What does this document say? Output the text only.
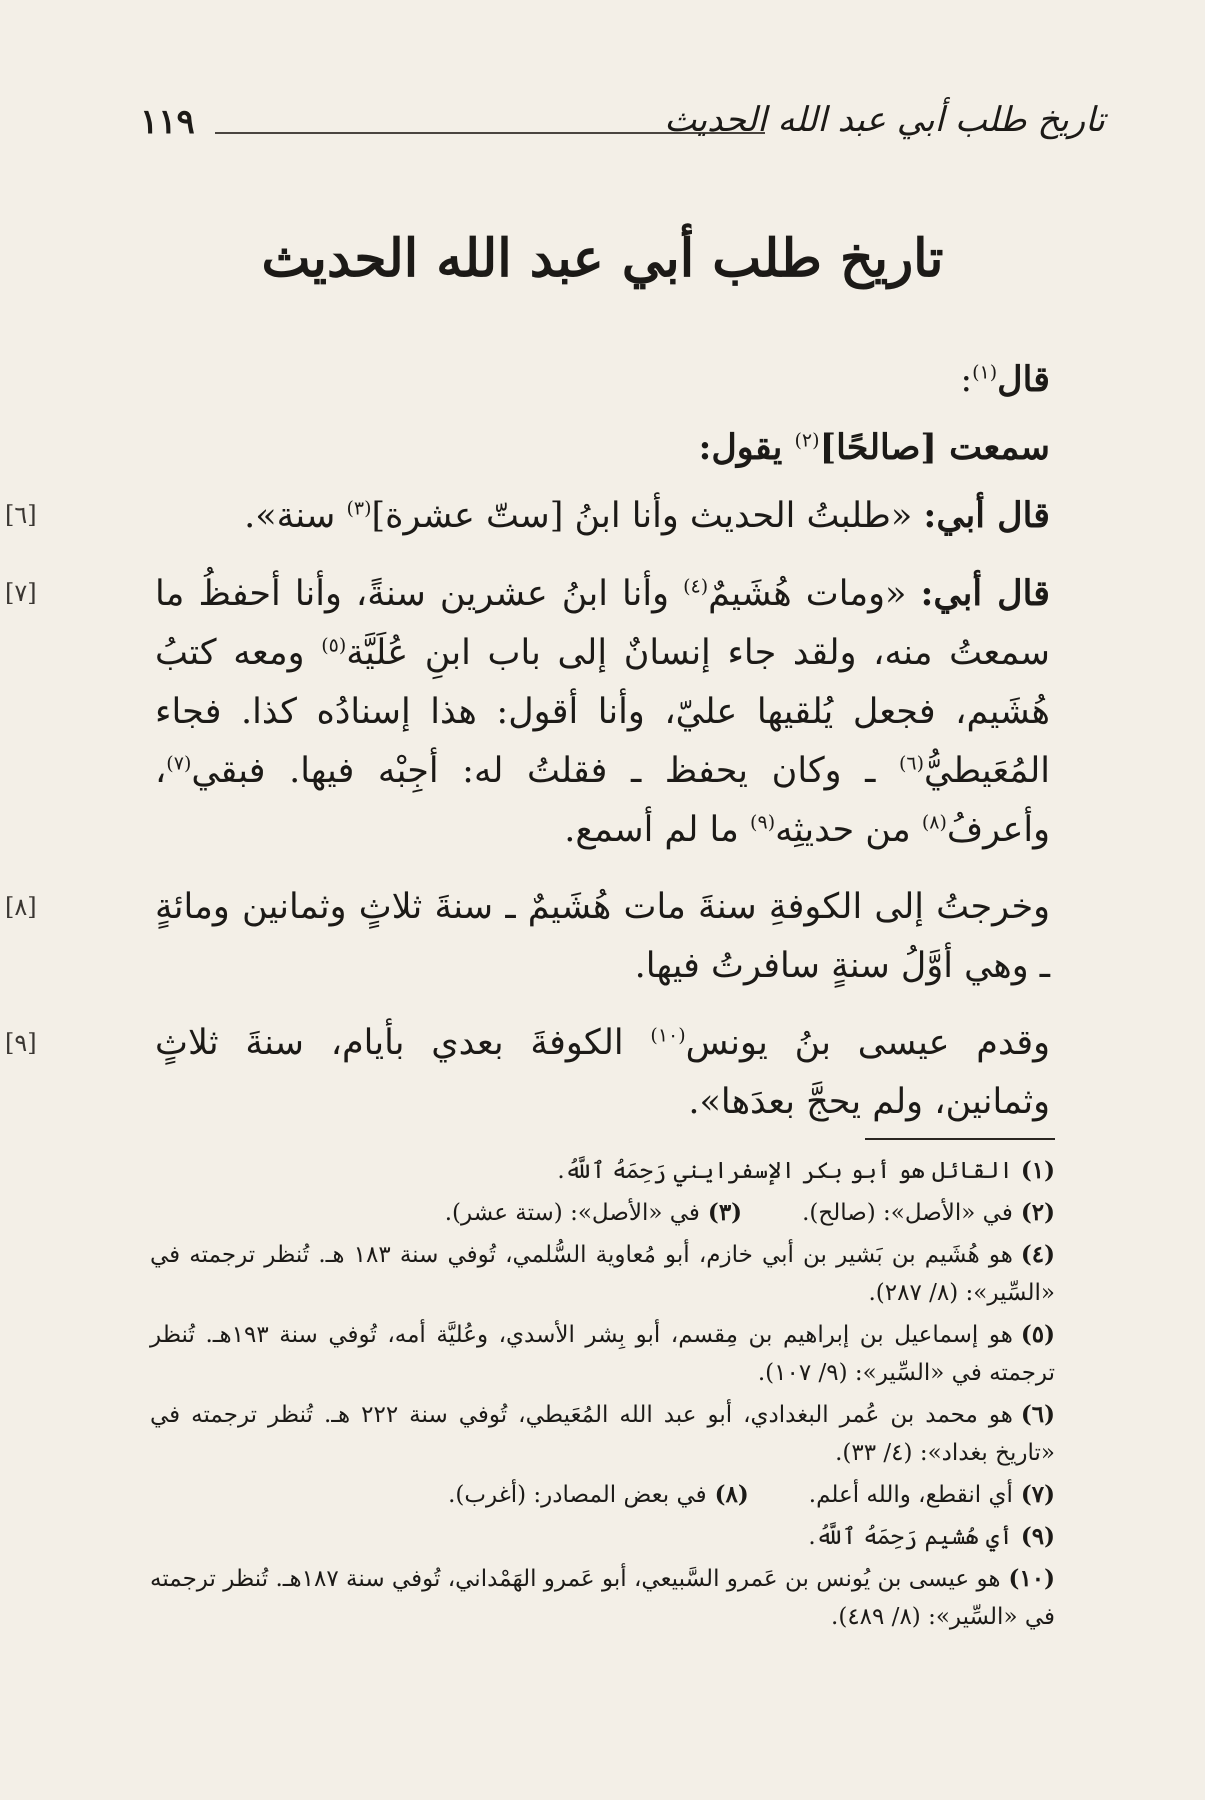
١١٩	تاريخ طلب أبي عبد الله الحديث
تاريخ طلب أبي عبد الله الحديث

قال$^{(١)}$:

سمعت [صالحًا]$^{(٢)}$ يقول:

[٦]	قال أبي: «طلبتُ الحديث وأنا ابنُ [ستّ عشرة]$^{(٣)}$ سنة».

[٧]	قال أبي: «ومات هُشَيمٌ$^{(٤)}$ وأنا ابنُ عشرين سنةً، وأنا أحفظُ ما سمعتُ منه، ولقد جاء إنسانٌ إلى باب ابنِ عُلَيَّة$^{(٥)}$ ومعه كتبُ هُشَيم، فجعل يُلقيها عليّ، وأنا أقول: هذا إسنادُه كذا. فجاء المُعَيطيُّ$^{(٦)}$ ـ وكان يحفظ ـ فقلتُ له: أجِبْه فيها. فبقي$^{(٧)}$، وأعرفُ$^{(٨)}$ من حديثِه$^{(٩)}$ ما لم أسمع.

[٨]	وخرجتُ إلى الكوفةِ سنةَ مات هُشَيمٌ ـ سنةَ ثلاثٍ وثمانين ومائةٍ ـ وهي أوَّلُ سنةٍ سافرتُ فيها.

[٩]	وقدم عيسى بنُ يونس$^{(١٠)}$ الكوفةَ بعدي بأيام، سنةَ ثلاثٍ وثمانين، ولم يحجَّ بعدَها».

(١)القائل هو أبو بكر الإسفرايني رَحِمَهُ ٱللَّهُ.

(٢)في «الأصل»: (صالح).

(٣)في «الأصل»: (ستة عشر).

(٤)هو هُشَيم بن بَشير بن أبي خازم، أبو مُعاوية السُّلمي، تُوفي سنة ١٨٣ هـ. تُنظر ترجمته في «السِّير»: (٨/ ٢٨٧).

(٥)هو إسماعيل بن إبراهيم بن مِقسم، أبو بِشر الأسدي، وعُليَّة أمه، تُوفي سنة ١٩٣هـ. تُنظر ترجمته في «السِّير»: (٩/ ١٠٧).

(٦)هو محمد بن عُمر البغدادي، أبو عبد الله المُعَيطي، تُوفي سنة ٢٢٢ هـ. تُنظر ترجمته في «تاريخ بغداد»: (٤/ ٣٣).

(٧)أي انقطع، والله أعلم.

(٨)في بعض المصادر: (أغرب).

(٩)أي هُشيم رَحِمَهُ ٱللَّهُ.

(١٠)هو عيسى بن يُونس بن عَمرو السَّبيعي، أبو عَمرو الهَمْداني، تُوفي سنة ١٨٧هـ. تُنظر ترجمته في «السِّير»: (٨/ ٤٨٩).
